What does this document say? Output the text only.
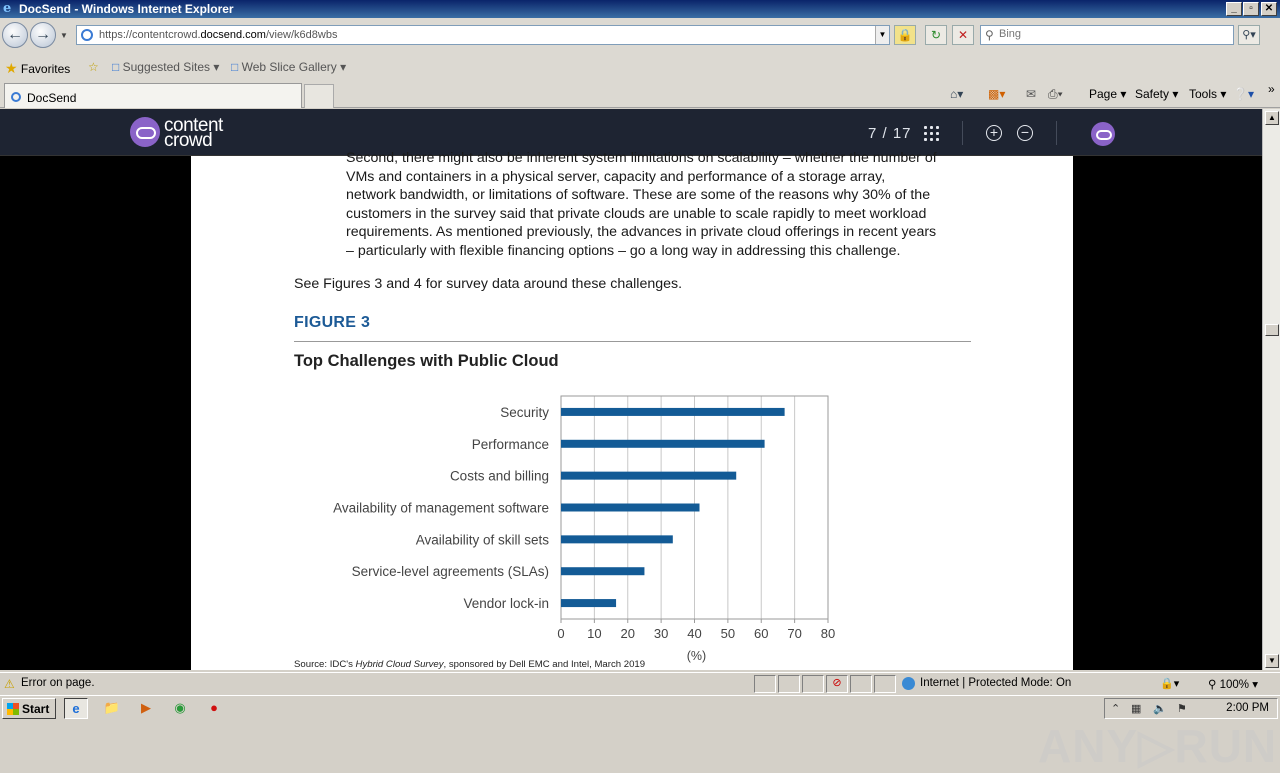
e DocSend - Windows Internet Explorer	_	▫	✕
← →	▼	https://contentcrowd.docsend.com/view/k6d8wbs	▼ 🔒	↻	✕	⚲
Bing	⚲▾
★ Favorites ☆ □ Suggested Sites ▾ □ Web Slice Gallery ▾
DocSend	⌂▾ ▩▾ ✉ ⎙▾ Page ▾ Safety ▾ Tools ▾ ❔▾ »
content
crowd	7 / 17	+ −
Second, there might also be inherent system limitations on scalability – whether the number of
VMs and containers in a physical server, capacity and performance of a storage array,
network bandwidth, or limitations of software. These are some of the reasons why 30% of the
customers in the survey said that private clouds are unable to scale rapidly to meet workload
requirements. As mentioned previously, the advances in private cloud offerings in recent years
– particularly with flexible financing options – go a long way in addressing this challenge.
See Figures 3 and 4 for survey data around these challenges.
FIGURE 3
Top Challenges with Public Cloud
Security
Performance
Costs and billing
Availability of management software
Availability of skill sets
Service-level agreements (SLAs)
Vendor lock-in
0 10 20 30 40 50 60 70 80
(%)
Source: IDC's Hybrid Cloud Survey, sponsored by Dell EMC and Intel, March 2019
ANY▷RUN
▲
▼
⚠ Error on page.	⊘	Internet | Protected Mode: On	🔒▾	⚲ 100% ▾
Start	e	📁	▶	◉	●	⌃ ▦ 🔈 ⚑	2:00 PM
